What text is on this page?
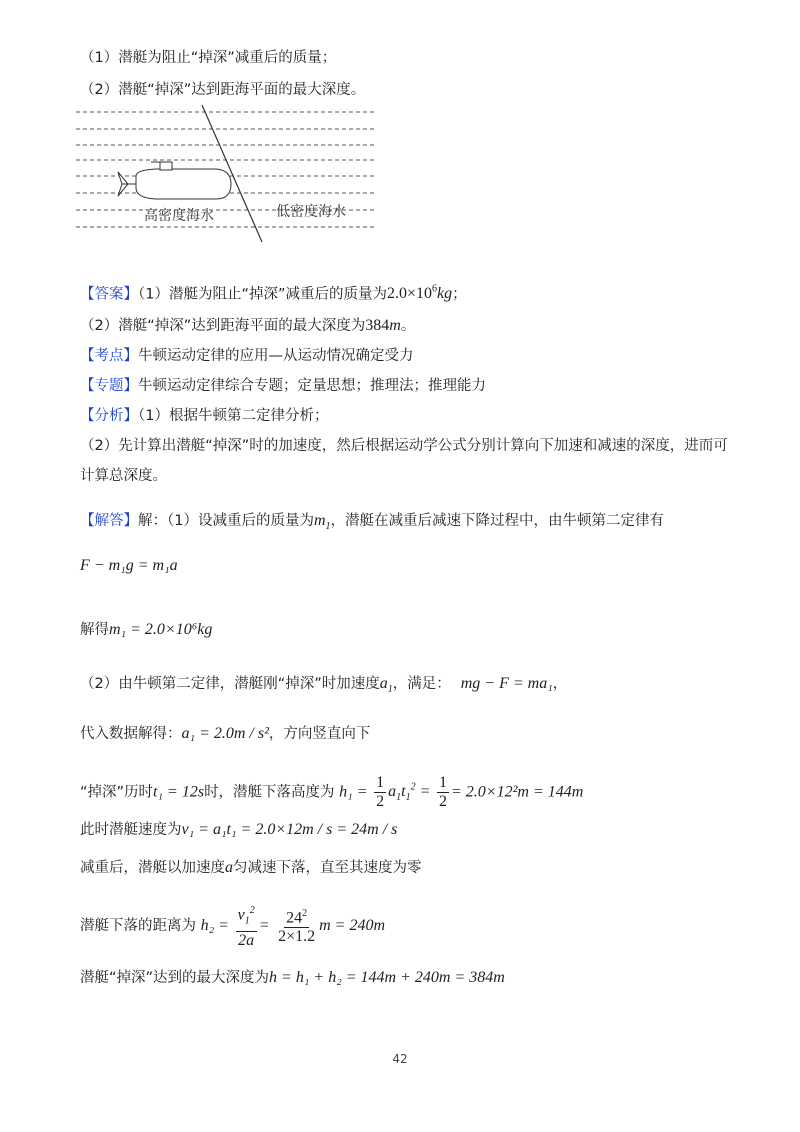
（1）潜艇为阻止“掉深”减重后的质量；
（2）潜艇“掉深”达到距海平面的最大深度。
高密度海水	低密度海水
【答案】（1）潜艇为阻止“掉深”减重后的质量为$2.0\times 10^6kg$；
（2）潜艇“掉深”达到距海平面的最大深度为384m。
【考点】牛顿运动定律的应用—从运动情况确定受力
【专题】牛顿运动定律综合专题；定量思想；推理法；推理能力
【分析】（1）根据牛顿第二定律分析；
（2）先计算出潜艇“掉深”时的加速度，然后根据运动学公式分别计算向下加速和减速的深度，进而可
计算总深度。
【解答】解：（1）设减重后的质量为$m_1$，潜艇在减重后减速下降过程中，由牛顿第二定律有
F − m₁g = m₁a
解得m₁ = 2.0×10⁶kg
（2）由牛顿第二定律，潜艇刚“掉深”时加速度$a_1$，满足： mg − F = ma₁，
代入数据解得：a₁ = 2.0m / s²，方向竖直向下
“掉深”历时t₁ = 12s时，潜艇下落高度为 $h_1 = \frac{1}{2} a_1t_1^2 = \frac{1}{2} = 2.0\times 12^2m = 144m$
此时潜艇速度为v₁ = a₁t₁ = 2.0×12m / s = 24m / s
减重后，潜艇以加速度a匀减速下落，直至其速度为零
潜艇下落的距离为 $h_2 = \frac{v_1^2}{2a} = \frac{24^2}{2\times 1.2}$ m = 240m
潜艇“掉深”达到的最大深度为h = h₁ + h₂ = 144m + 240m = 384m
42
